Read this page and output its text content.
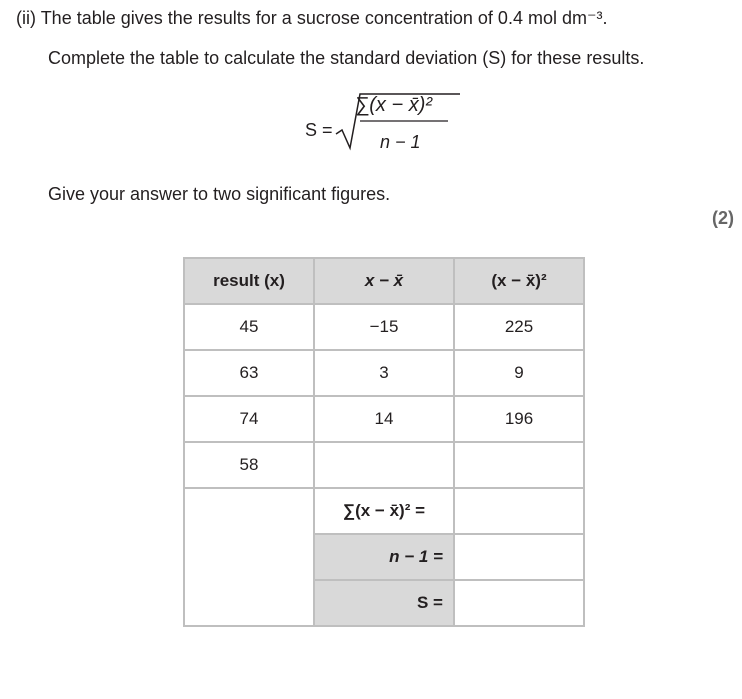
(ii) The table gives the results for a sucrose concentration of 0.4 mol dm⁻³.
Complete the table to calculate the standard deviation (S) for these results.
S =
∑(x − x̄)²
n − 1
Give your answer to two significant figures.
(2)
result (x)	x − x̄	(x − x̄)²
45	−15	225
63	3	9
74	14	196
58		
	∑(x − x̄)² =	
	n − 1 =	
	S =	
